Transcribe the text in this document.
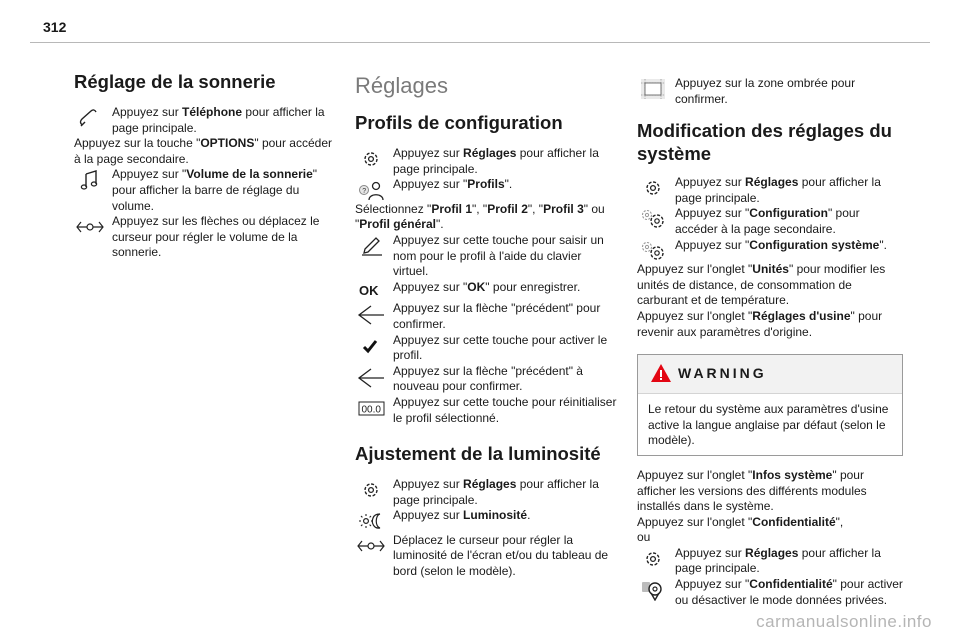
312
Réglage de la sonnerie
Appuyez sur Téléphone pour afficher la page principale.

Appuyez sur la touche "OPTIONS" pour accéder à la page secondaire.

Appuyez sur "Volume de la sonnerie" pour afficher la barre de réglage du volume.
Appuyez sur les flèches ou déplacez le curseur pour régler le volume de la sonnerie.
Réglages
Profils de configuration
Appuyez sur Réglages pour afficher la page principale.
?
Appuyez sur "Profils".

Sélectionnez "Profil 1", "Profil 2", "Profil 3" ou "Profil général".

Appuyez sur cette touche pour saisir un nom pour le profil à l'aide du clavier virtuel.
OK Appuyez sur "OK" pour enregistrer.
Appuyez sur la flèche "précédent" pour confirmer.
Appuyez sur cette touche pour activer le profil.
Appuyez sur la flèche "précédent" à nouveau pour confirmer.
00.0
Appuyez sur cette touche pour réinitialiser le profil sélectionné.
Ajustement de la luminosité
Appuyez sur Réglages pour afficher la page principale.
Appuyez sur Luminosité.
Déplacez le curseur pour régler la luminosité de l'écran et/ou du tableau de bord (selon le modèle).
Appuyez sur la zone ombrée pour confirmer.
Modification des réglages du système
Appuyez sur Réglages pour afficher la page principale.
Appuyez sur "Configuration" pour accéder à la page secondaire.
Appuyez sur "Configuration système".

Appuyez sur l'onglet "Unités" pour modifier les unités de distance, de consommation de carburant et de température.

Appuyez sur l'onglet "Réglages d'usine" pour revenir aux paramètres d'origine.

WARNING
Le retour du système aux paramètres d'usine active la langue anglaise par défaut (selon le modèle).

Appuyez sur l'onglet "Infos système" pour afficher les versions des différents modules installés dans le système.

Appuyez sur l'onglet "Confidentialité",

ou

Appuyez sur Réglages pour afficher la page principale.
Appuyez sur "Confidentialité" pour activer ou désactiver le mode données privées.
carmanualsonline.info
